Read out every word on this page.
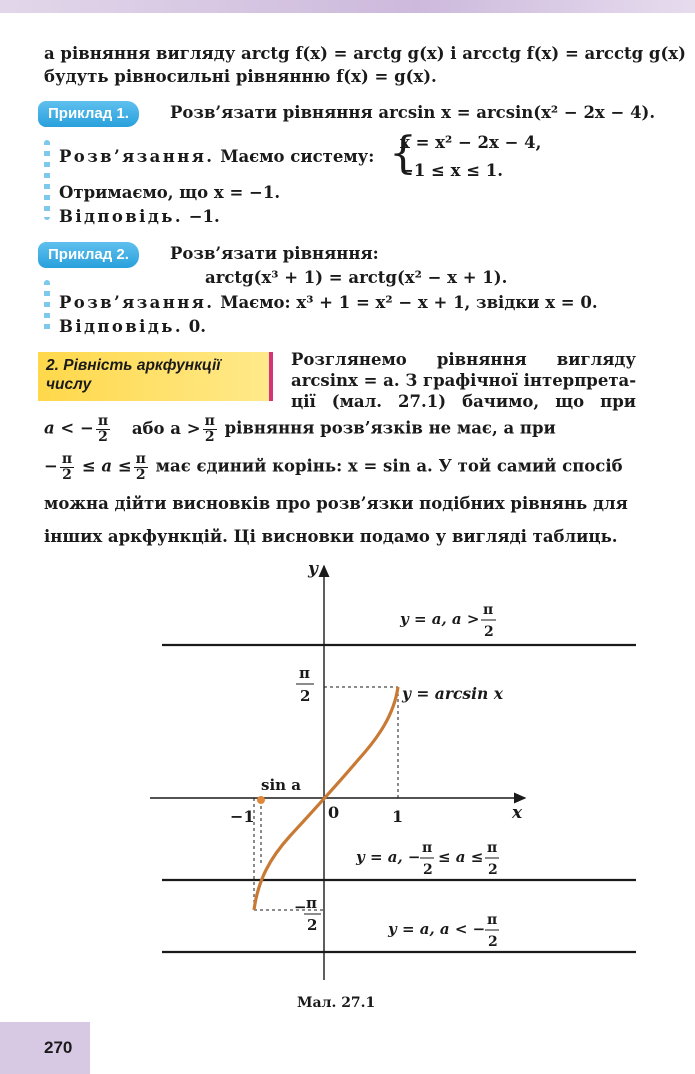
а рівняння вигляду arctg f(x) = arctg g(x) і arcctg f(x) = arcctg g(x)
будуть рівносильні рівнянню f(x) = g(x).
Приклад 1.	Розв’язати рівняння arcsin x = arcsin(x² − 2x − 4).
Розв’язання. Маємо систему: {
x = x² − 2x − 4,
−1 ≤ x ≤ 1.
Отримаємо, що x = −1.
Відповідь. −1.
Приклад 2.	Розв’язати рівняння:
arctg(x³ + 1) = arctg(x² − x + 1).
Розв’язання. Маємо: x³ + 1 = x² − x + 1, звідки x = 0.
Відповідь. 0.
2. Рівність аркфункції числу
Розглянемо рівняння вигляду
arcsinx = a. З графічної інтерпрета-
ції (мал. 27.1) бачимо, що при
a < − $\frac{\pi}{2}$ або $a > \frac{\pi}{2}$ рівняння розв’язків не має, а при
− $\frac{\pi}{2} \le a \le \frac{\pi}{2}$ має єдиний корінь: x = sin a. У той самий спосіб
можна дійти висновків про розв’язки подібних рівнянь для
інших аркфункцій. Ці висновки подамо у вигляді таблиць.
y
x
0
−1	1
sin a
π
2
− π
2
y = arcsin x
y = a, a > π
2
y = a, − π
2
≤ a ≤ π
2
y = a, a < − π
2
Мал. 27.1
270
